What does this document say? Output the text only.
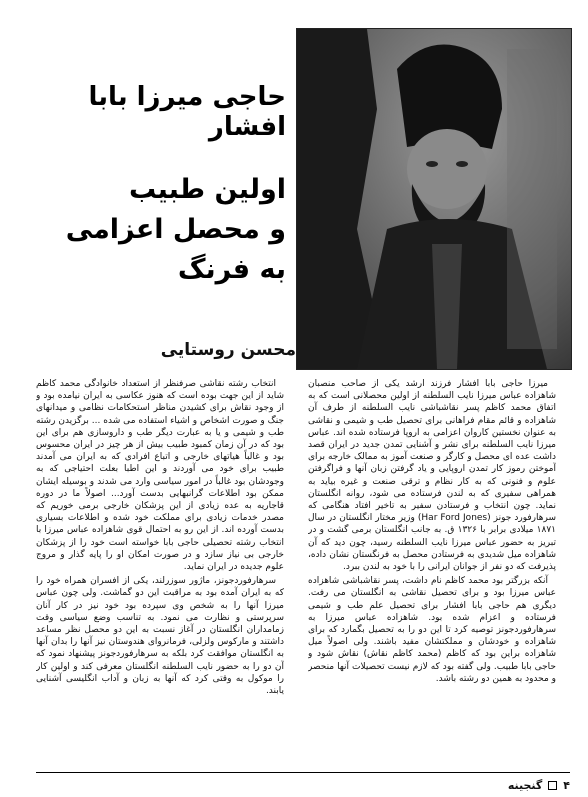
حاجی میرزا بابا افشار
اولین طبیب
و محصل اعزامی
به فرنگ
محسن روستایی

میرزا حاجی بابا افشار فرزند ارشد یکی از صاحب منصبان شاهزاده عباس میرزا نایب السلطنه از اولین محصلانی است که به اتفاق محمد کاظم پسر نقاشباشی نایب السلطنه از طرف آن شاهزاده و قائم مقام فراهانی برای تحصیل طب و شیمی و نقاشی به عنوان نخستین کاروان اعزامی به اروپا فرستاده شده اند. عباس میرزا نایب السلطنه برای نشر و آشنایی تمدن جدید در ایران قصد داشت عده ای محصل و کارگر و صنعت آموز به ممالک خارجه برای آموختن رموز کار تمدن اروپایی و یاد گرفتن زبان آنها و فراگرفتن علوم و فنونی که به کار نظام و ترقی صنعت و غیره بیاید به همراهی سفیری که به لندن فرستاده می شود، روانه انگلستان نماید. چون انتخاب و فرستادن سفیر به تاخیر افتاد هنگامی که سرهارفورد جونز (Har Ford Jones) وزیر مختار انگلستان در سال ۱۸۷۱ میلادی برابر با ۱۳۲۶ ق. به جانب انگلستان برمی گشت و در تبریز به حضور عباس میرزا نایب السلطنه رسید، چون دید که آن شاهزاده میل شدیدی به فرستادن محصل به فرنگستان نشان داده، پذیرفت که دو نفر از جوانان ایرانی را با خود به لندن ببرد.

آنکه بزرگتر بود محمد کاظم نام داشت، پسر نقاشباشی شاهزاده عباس میرزا بود و برای تحصیل نقاشی به انگلستان می رفت. دیگری هم حاجی بابا افشار برای تحصیل علم طب و شیمی فرستاده و اعزام شده بود. شاهزاده عباس میرزا به سرهارفوردجونز توصیه کرد تا این دو را به تحصیل بگمارد که برای شاهزاده و خودشان و مملکتشان مفید باشند. ولی اصولاً میل شاهزاده براین بود که کاظم (محمد کاظم نقاش) نقاش شود و حاجی بابا طبیب. ولی گفته بود که لازم نیست تحصیلات آنها منحصر و محدود به همین دو رشته باشد.

انتخاب رشته نقاشی صرفنظر از استعداد خانوادگی محمد کاظم شاید از این جهت بوده است که هنوز عکاسی به ایران نیامده بود و از وجود نقاش برای کشیدن مناظر استحکامات نظامی و میدانهای جنگ و صورت اشخاص و اشیاء استفاده می شده ... برگزیدن رشته طب و شیمی و یا به عبارت دیگر طب و داروسازی هم برای این بود که در آن زمان کمبود طبیب بیش از هر چیز در ایران محسوس بود و غالباً هیاتهای خارجی و اتباع افرادی که به ایران می آمدند طبیب برای خود می آوردند و این اطبا بعلت احتیاجی که به وجودشان بود غالباً در امور سیاسی وارد می شدند و بوسیله ایشان ممکن بود اطلاعات گرانبهایی بدست آورد... اصولاً ما در دوره قاجاریه به عده زیادی از این پزشکان خارجی برمی خوریم که مصدر خدمات زیادی برای مملکت خود شده و اطلاعات بسیاری بدست آورده اند. از این رو به احتمال قوی شاهزاده عباس میرزا با انتخاب رشته تحصیلی حاجی بابا خواسته است خود را از پزشکان خارجی بی نیاز سازد و در صورت امکان او را پایه گذار و مروج علوم جدیده در ایران نماید.

سرهارفوردجونز، ماژور سوزرلند، یکی از افسران همراه خود را که به ایران آمده بود به مراقبت این دو گماشت. ولی چون عباس میرزا آنها را به شخص وی سپرده بود خود نیز در کار آنان سرپرستی و نظارت می نمود. به تناسب وضع سیاسی وقت زمامداران انگلستان در آغاز نسبت به این دو محصل نظر مساعد داشتند و مارکوس ولزلی، فرمانروای هندوستان نیز آنها را بدان آنها به انگلستان موافقت کرد بلکه به سرهارفوردجونز پیشنهاد نمود که آن دو را به حضور نایب السلطنه انگلستان معرفی کند و اولین کار را موکول به وقتی کرد که آنها به زبان و آداب انگلیسی آشنایی یابند.

۴
گنجینه
